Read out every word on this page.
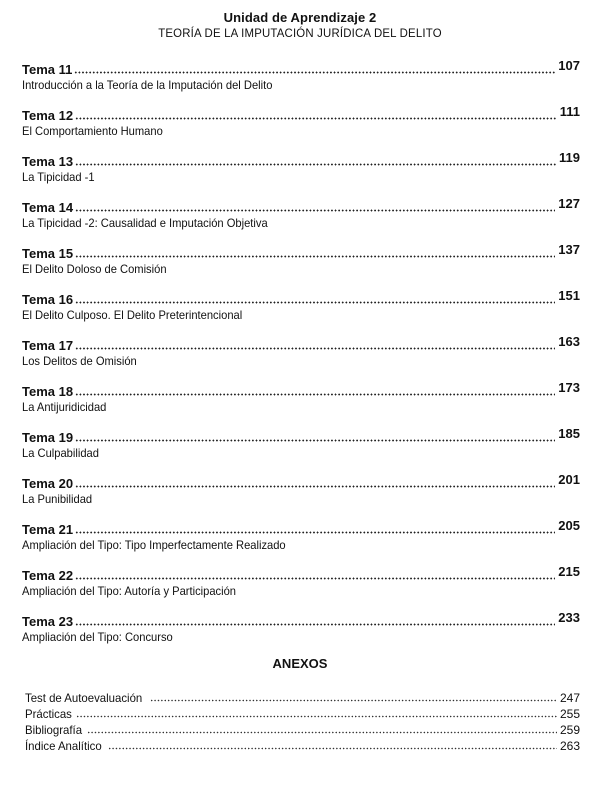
Unidad de Aprendizaje 2
TEORÍA DE LA IMPUTACIÓN JURÍDICA DEL DELITO
Tema 11	107
Introducción a la Teoría de la Imputación del Delito
Tema 12	111
El Comportamiento Humano
Tema 13	119
La Tipicidad -1
Tema 14	127
La Tipicidad -2: Causalidad e Imputación Objetiva
Tema 15	137
El Delito Doloso de Comisión
Tema 16	151
El Delito Culposo. El Delito Preterintencional
Tema 17	163
Los Delitos de Omisión
Tema 18	173
La Antijuridicidad
Tema 19	185
La Culpabilidad
Tema 20	201
La Punibilidad
Tema 21	205
Ampliación del Tipo: Tipo Imperfectamente Realizado
Tema 22	215
Ampliación del Tipo: Autoría y Participación
Tema 23	233
Ampliación del Tipo: Concurso
ANEXOS
Test de Autoevaluación	247
Prácticas	255
Bibliografía	259
Índice Analítico	263
